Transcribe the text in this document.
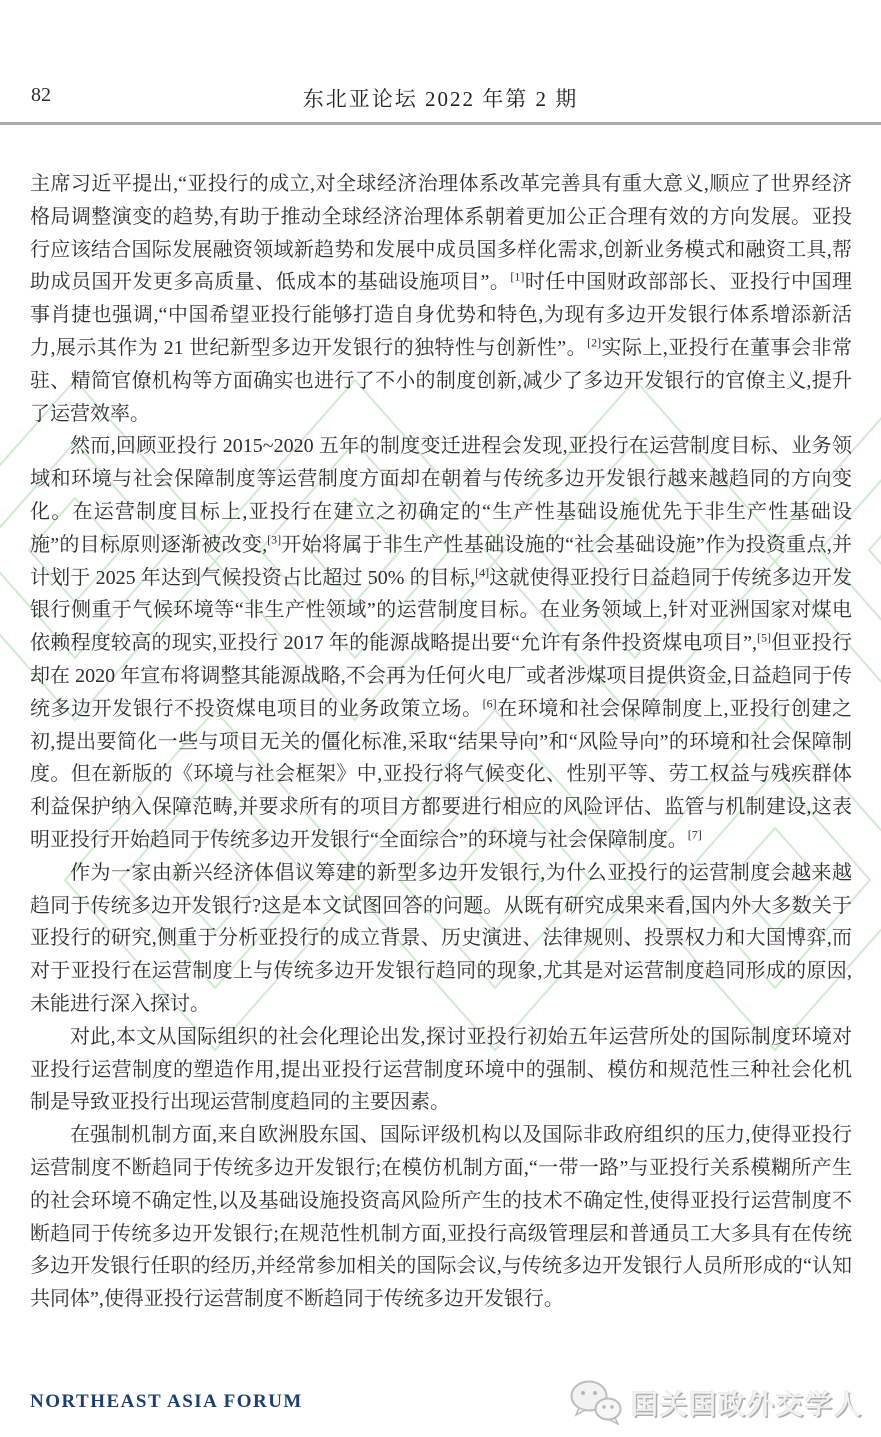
82	东北亚论坛 2022 年第 2 期

主席习近平提出,“亚投行的成立,对全球经济治理体系改革完善具有重大意义,顺应了世界经济格局调整演变的趋势,有助于推动全球经济治理体系朝着更加公正合理有效的方向发展。亚投行应该结合国际发展融资领域新趋势和发展中成员国多样化需求,创新业务模式和融资工具,帮助成员国开发更多高质量、低成本的基础设施项目”。[1]时任中国财政部部长、亚投行中国理事肖捷也强调,“中国希望亚投行能够打造自身优势和特色,为现有多边开发银行体系增添新活力,展示其作为 21 世纪新型多边开发银行的独特性与创新性”。[2]实际上,亚投行在董事会非常驻、精简官僚机构等方面确实也进行了不小的制度创新,减少了多边开发银行的官僚主义,提升了运营效率。

然而,回顾亚投行 2015~2020 五年的制度变迁进程会发现,亚投行在运营制度目标、业务领域和环境与社会保障制度等运营制度方面却在朝着与传统多边开发银行越来越趋同的方向变化。在运营制度目标上,亚投行在建立之初确定的“生产性基础设施优先于非生产性基础设施”的目标原则逐渐被改变,[3]开始将属于非生产性基础设施的“社会基础设施”作为投资重点,并计划于 2025 年达到气候投资占比超过 50% 的目标,[4]这就使得亚投行日益趋同于传统多边开发银行侧重于气候环境等“非生产性领域”的运营制度目标。在业务领域上,针对亚洲国家对煤电依赖程度较高的现实,亚投行 2017 年的能源战略提出要“允许有条件投资煤电项目”,[5]但亚投行却在 2020 年宣布将调整其能源战略,不会再为任何火电厂或者涉煤项目提供资金,日益趋同于传统多边开发银行不投资煤电项目的业务政策立场。[6]在环境和社会保障制度上,亚投行创建之初,提出要简化一些与项目无关的僵化标准,采取“结果导向”和“风险导向”的环境和社会保障制度。但在新版的《环境与社会框架》中,亚投行将气候变化、性别平等、劳工权益与残疾群体利益保护纳入保障范畴,并要求所有的项目方都要进行相应的风险评估、监管与机制建设,这表明亚投行开始趋同于传统多边开发银行“全面综合”的环境与社会保障制度。[7]

作为一家由新兴经济体倡议筹建的新型多边开发银行,为什么亚投行的运营制度会越来越趋同于传统多边开发银行?这是本文试图回答的问题。从既有研究成果来看,国内外大多数关于亚投行的研究,侧重于分析亚投行的成立背景、历史演进、法律规则、投票权力和大国博弈,而对于亚投行在运营制度上与传统多边开发银行趋同的现象,尤其是对运营制度趋同形成的原因,未能进行深入探讨。

对此,本文从国际组织的社会化理论出发,探讨亚投行初始五年运营所处的国际制度环境对亚投行运营制度的塑造作用,提出亚投行运营制度环境中的强制、模仿和规范性三种社会化机制是导致亚投行出现运营制度趋同的主要因素。

在强制机制方面,来自欧洲股东国、国际评级机构以及国际非政府组织的压力,使得亚投行运营制度不断趋同于传统多边开发银行;在模仿机制方面,“一带一路”与亚投行关系模糊所产生的社会环境不确定性,以及基础设施投资高风险所产生的技术不确定性,使得亚投行运营制度不断趋同于传统多边开发银行;在规范性机制方面,亚投行高级管理层和普通员工大多具有在传统多边开发银行任职的经历,并经常参加相关的国际会议,与传统多边开发银行人员所形成的“认知共同体”,使得亚投行运营制度不断趋同于传统多边开发银行。

NORTHEAST ASIA FORUM	国关国政外交学人
